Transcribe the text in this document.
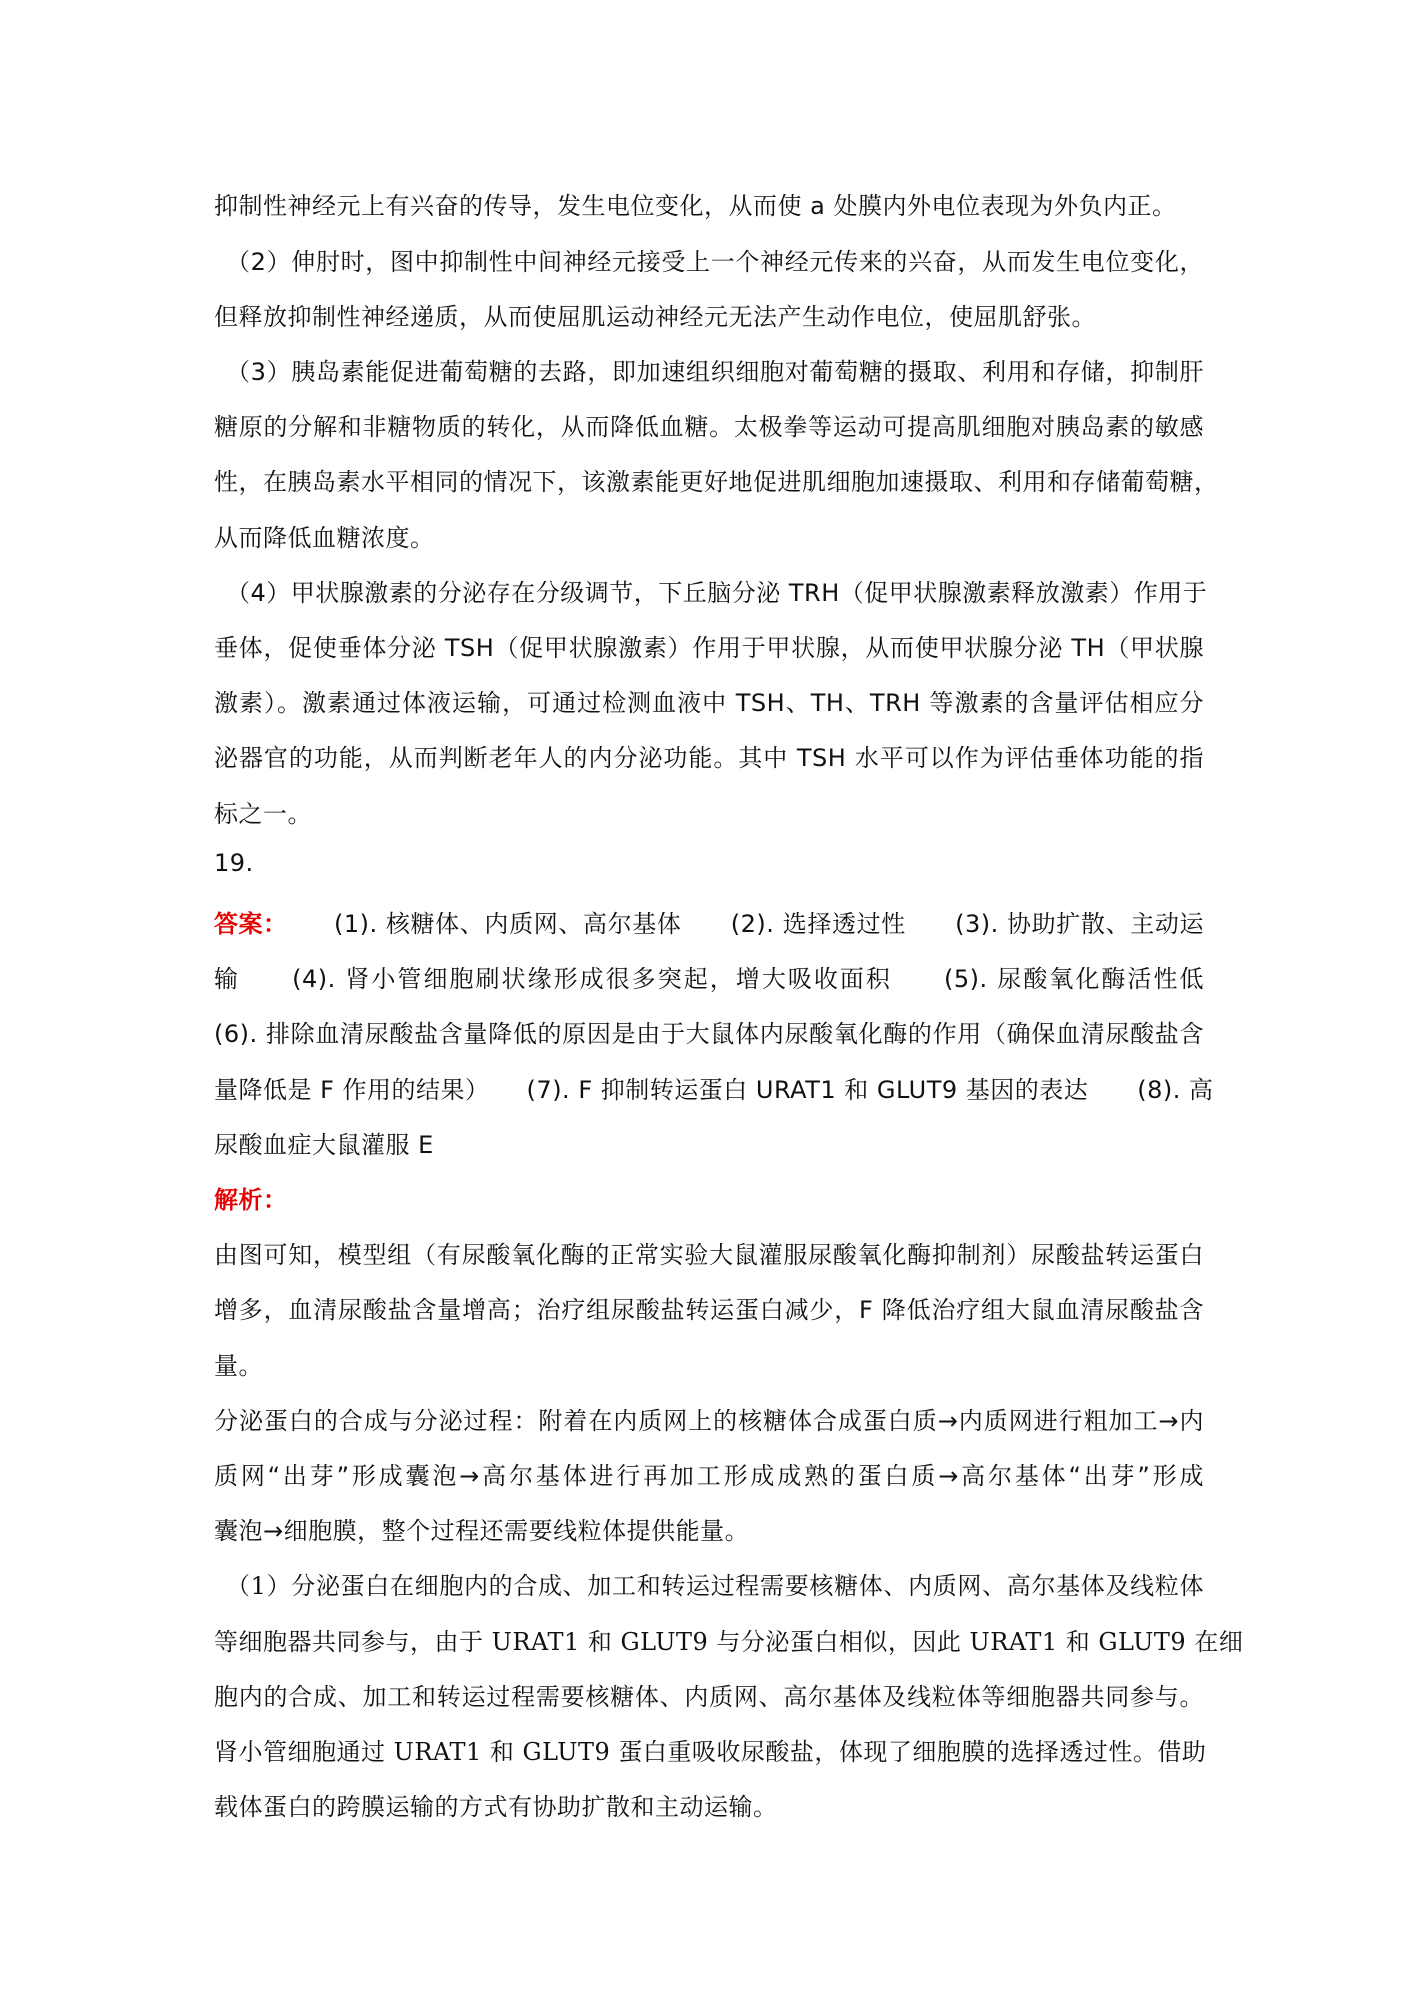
抑制性神经元上有兴奋的传导，发生电位变化，从而使 a 处膜内外电位表现为外负内正。
（2）伸肘时，图中抑制性中间神经元接受上一个神经元传来的兴奋，从而发生电位变化，
但释放抑制性神经递质，从而使屈肌运动神经元无法产生动作电位，使屈肌舒张。
（3）胰岛素能促进葡萄糖的去路，即加速组织细胞对葡萄糖的摄取、利用和存储，抑制肝
糖原的分解和非糖物质的转化，从而降低血糖。太极拳等运动可提高肌细胞对胰岛素的敏感
性，在胰岛素水平相同的情况下，该激素能更好地促进肌细胞加速摄取、利用和存储葡萄糖，
从而降低血糖浓度。
（4）甲状腺激素的分泌存在分级调节，下丘脑分泌 TRH（促甲状腺激素释放激素）作用于
垂体，促使垂体分泌 TSH（促甲状腺激素）作用于甲状腺，从而使甲状腺分泌 TH（甲状腺
激素）。激素通过体液运输，可通过检测血液中 TSH、TH、TRH 等激素的含量评估相应分
泌器官的功能，从而判断老年人的内分泌功能。其中 TSH 水平可以作为评估垂体功能的指
标之一。
19.
答案：	(1). 核糖体、内质网、高尔基体　　(2). 选择透过性　　(3). 协助扩散、主动运
输　　(4). 肾小管细胞刷状缘形成很多突起，增大吸收面积　　(5). 尿酸氧化酶活性低
(6). 排除血清尿酸盐含量降低的原因是由于大鼠体内尿酸氧化酶的作用（确保血清尿酸盐含
量降低是 F 作用的结果）　　(7). F 抑制转运蛋白 URAT1 和 GLUT9 基因的表达　　(8). 高
尿酸血症大鼠灌服 E
解析：
由图可知，模型组（有尿酸氧化酶的正常实验大鼠灌服尿酸氧化酶抑制剂）尿酸盐转运蛋白
增多，血清尿酸盐含量增高；治疗组尿酸盐转运蛋白减少，F 降低治疗组大鼠血清尿酸盐含
量。
分泌蛋白的合成与分泌过程：附着在内质网上的核糖体合成蛋白质→内质网进行粗加工→内
质网“出芽”形成囊泡→高尔基体进行再加工形成成熟的蛋白质→高尔基体“出芽”形成
囊泡→细胞膜，整个过程还需要线粒体提供能量。
（1）分泌蛋白在细胞内的合成、加工和转运过程需要核糖体、内质网、高尔基体及线粒体
等细胞器共同参与，由于 URAT1 和 GLUT9 与分泌蛋白相似，因此 URAT1 和 GLUT9 在细
胞内的合成、加工和转运过程需要核糖体、内质网、高尔基体及线粒体等细胞器共同参与。
肾小管细胞通过 URAT1 和 GLUT9 蛋白重吸收尿酸盐，体现了细胞膜的选择透过性。借助
载体蛋白的跨膜运输的方式有协助扩散和主动运输。
